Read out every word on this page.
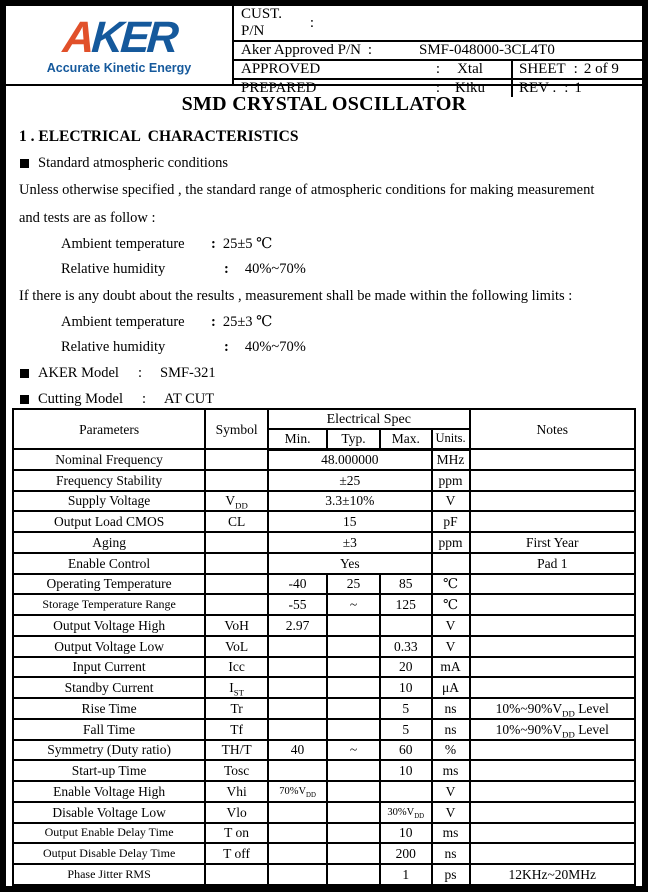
AKER
Accurate Kinetic Energy
CUST. P/N
:
Aker Approved P/N :	SMF-048000-3CL4T0
APPROVED	:	Xtal	SHEET : 2 of 9
PREPARED	: Kiku	REV . : 1
SMD CRYSTAL OSCILLATOR
1 . ELECTRICAL  CHARACTERISTICS
Standard atmospheric conditions
Unless otherwise specified , the standard range of atmospheric conditions for making measurement
and tests are as follow :
Ambient temperature : 25±5 ℃
Relative humidity	: 40%~70%
If there is any doubt about the results , measurement shall be made within the following limits :
Ambient temperature : 25±3 ℃
Relative humidity	: 40%~70%
AKER Model : SMF-321
Cutting Model : AT CUT
Parameters	Symbol	Electrical Spec				Notes
		Min.	Typ.	Max.	Units.	
Nominal Frequency		48.000000			MHz	
Frequency Stability		±25			ppm	
Supply Voltage	$V_{DD}$	3.3±10%			V	
Output Load CMOS	CL	15			pF	
Aging		±3			ppm	First Year
Enable Control		Yes				Pad 1
Operating Temperature		-40	25	85	℃	
Storage Temperature Range		-55	~	125	℃	
Output Voltage High	VoH	2.97			V	
Output Voltage Low	VoL			0.33	V	
Input Current	Icc			20	mA	
Standby Current	$I_{ST}$			10	μA	
Rise Time	Tr			5	ns	$10\%\sim 90\%V_{DD}$ Level
Fall Time	Tf			5	ns	$10\%\sim 90\%V_{DD}$ Level
Symmetry (Duty ratio)	TH/T	40	~	60	%	
Start-up Time	Tosc			10	ms	
Enable Voltage High	Vhi	$70\%V_{DD}$			V	
Disable Voltage Low	Vlo			$30\%V_{DD}$	V	
Output Enable Delay Time	T on			10	ms	
Output Disable Delay Time	T off			200	ns	
Phase Jitter RMS				1	ps	12KHz~20MHz
